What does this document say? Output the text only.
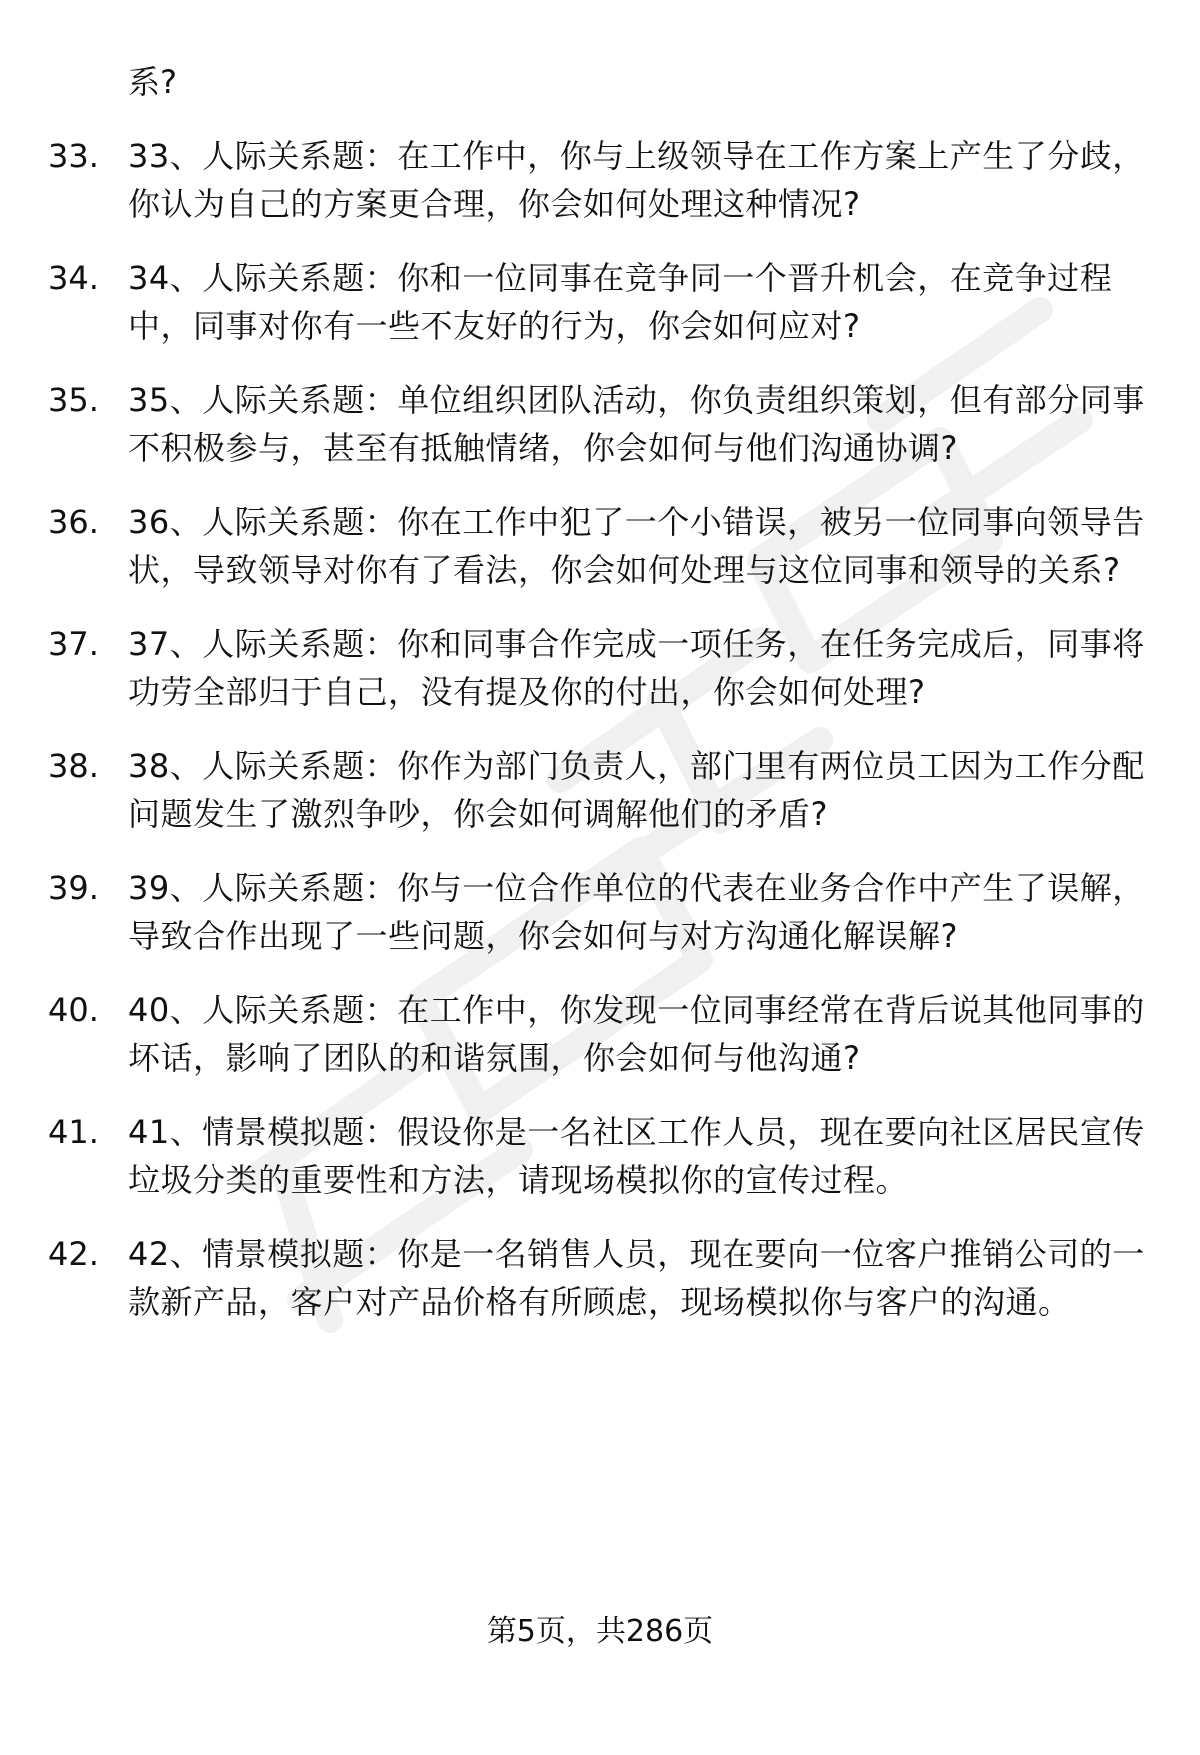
系?
33. 33、人际关系题：在工作中，你与上级领导在工作方案上产生了分歧，你认为自己的方案更合理，你会如何处理这种情况?
34. 34、人际关系题：你和一位同事在竞争同一个晋升机会，在竞争过程中，同事对你有一些不友好的行为，你会如何应对?
35. 35、人际关系题：单位组织团队活动，你负责组织策划，但有部分同事不积极参与，甚至有抵触情绪，你会如何与他们沟通协调?
36. 36、人际关系题：你在工作中犯了一个小错误，被另一位同事向领导告状，导致领导对你有了看法，你会如何处理与这位同事和领导的关系?
37. 37、人际关系题：你和同事合作完成一项任务，在任务完成后，同事将功劳全部归于自己，没有提及你的付出，你会如何处理?
38. 38、人际关系题：你作为部门负责人，部门里有两位员工因为工作分配问题发生了激烈争吵，你会如何调解他们的矛盾?
39. 39、人际关系题：你与一位合作单位的代表在业务合作中产生了误解，导致合作出现了一些问题，你会如何与对方沟通化解误解?
40. 40、人际关系题：在工作中，你发现一位同事经常在背后说其他同事的坏话，影响了团队的和谐氛围，你会如何与他沟通?
41. 41、情景模拟题：假设你是一名社区工作人员，现在要向社区居民宣传垃圾分类的重要性和方法，请现场模拟你的宣传过程。
42. 42、情景模拟题：你是一名销售人员，现在要向一位客户推销公司的一款新产品，客户对产品价格有所顾虑，现场模拟你与客户的沟通。
第5页，共286页
